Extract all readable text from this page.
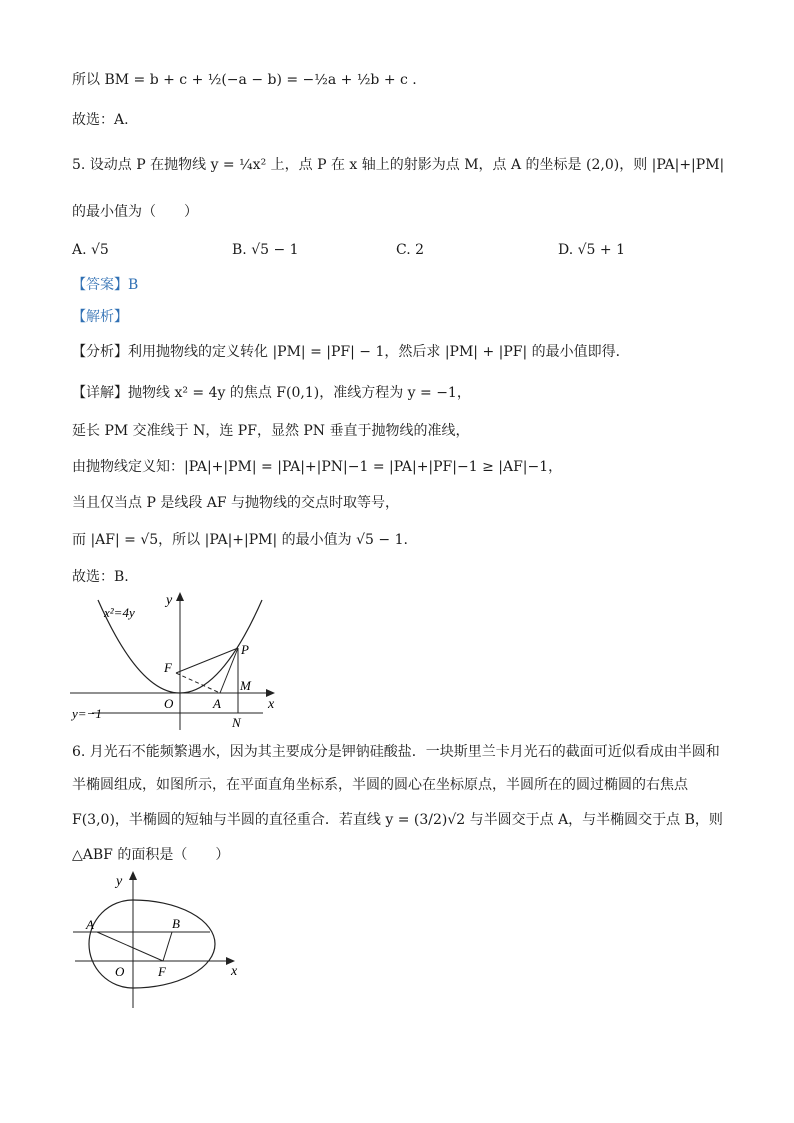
所以 BM = b + c + ½(−a − b) = −½a + ½b + c .
故选：A.
5. 设动点 P 在抛物线 y = ¼x² 上，点 P 在 x 轴上的射影为点 M，点 A 的坐标是 (2,0)，则 |PA|+|PM|
的最小值为（　　）
A. √5	B. √5 − 1	C. 2	D. √5 + 1
【答案】B
【解析】
【分析】利用抛物线的定义转化 |PM| = |PF| − 1，然后求 |PM| + |PF| 的最小值即得．
【详解】抛物线 x² = 4y 的焦点 F(0,1)，准线方程为 y = −1，
延长 PM 交准线于 N，连 PF，显然 PN 垂直于抛物线的准线，
由抛物线定义知：|PA|+|PM| = |PA|+|PN|−1 = |PA|+|PF|−1 ≥ |AF|−1，
当且仅当点 P 是线段 AF 与抛物线的交点时取等号，
而 |AF| = √5，所以 |PA|+|PM| 的最小值为 √5 − 1.
故选：B.
x²=4y
y
x
y=−1
F
P
M
O	A
N
6. 月光石不能频繁遇水，因为其主要成分是钾钠硅酸盐．一块斯里兰卡月光石的截面可近似看成由半圆和
半椭圆组成，如图所示，在平面直角坐标系，半圆的圆心在坐标原点，半圆所在的圆过椭圆的右焦点
F(3,0)，半椭圆的短轴与半圆的直径重合．若直线 y = (3/2)√2 与半圆交于点 A，与半椭圆交于点 B，则
△ABF 的面积是（　　）
y
x
A	B
O	F
